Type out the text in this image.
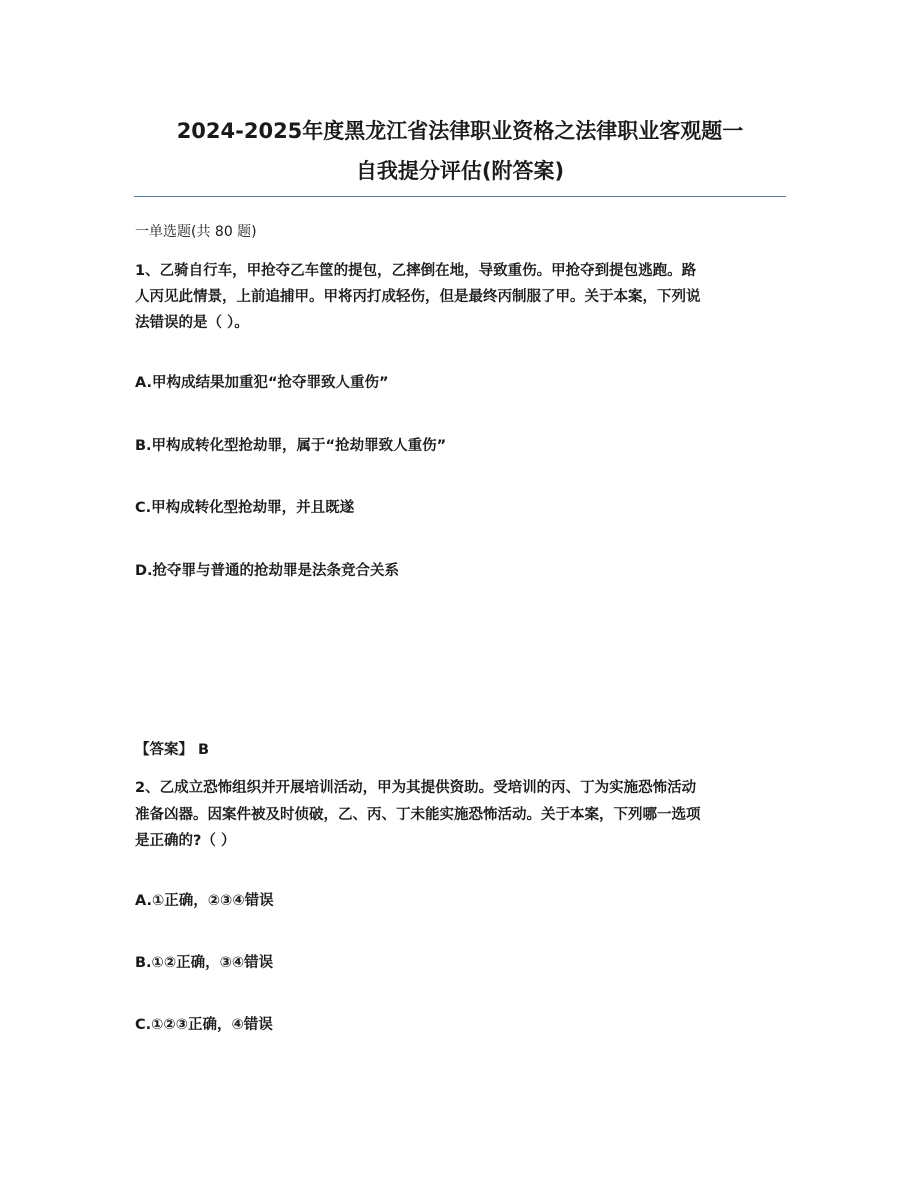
2024-2025年度黑龙江省法律职业资格之法律职业客观题一
自我提分评估(附答案)
一单选题(共 80 题)
1、乙骑自行车，甲抢夺乙车筐的提包，乙摔倒在地，导致重伤。甲抢夺到提包逃跑。路
人丙见此情景，上前追捕甲。甲将丙打成轻伤，但是最终丙制服了甲。关于本案，下列说
法错误的是（ ）。
A.甲构成结果加重犯“抢夺罪致人重伤”
B.甲构成转化型抢劫罪，属于“抢劫罪致人重伤”
C.甲构成转化型抢劫罪，并且既遂
D.抢夺罪与普通的抢劫罪是法条竞合关系
【答案】 B
2、乙成立恐怖组织并开展培训活动，甲为其提供资助。受培训的丙、丁为实施恐怖活动
准备凶器。因案件被及时侦破，乙、丙、丁未能实施恐怖活动。关于本案，下列哪一选项
是正确的?（ ）
A.①正确，②③④错误
B.①②正确，③④错误
C.①②③正确，④错误
